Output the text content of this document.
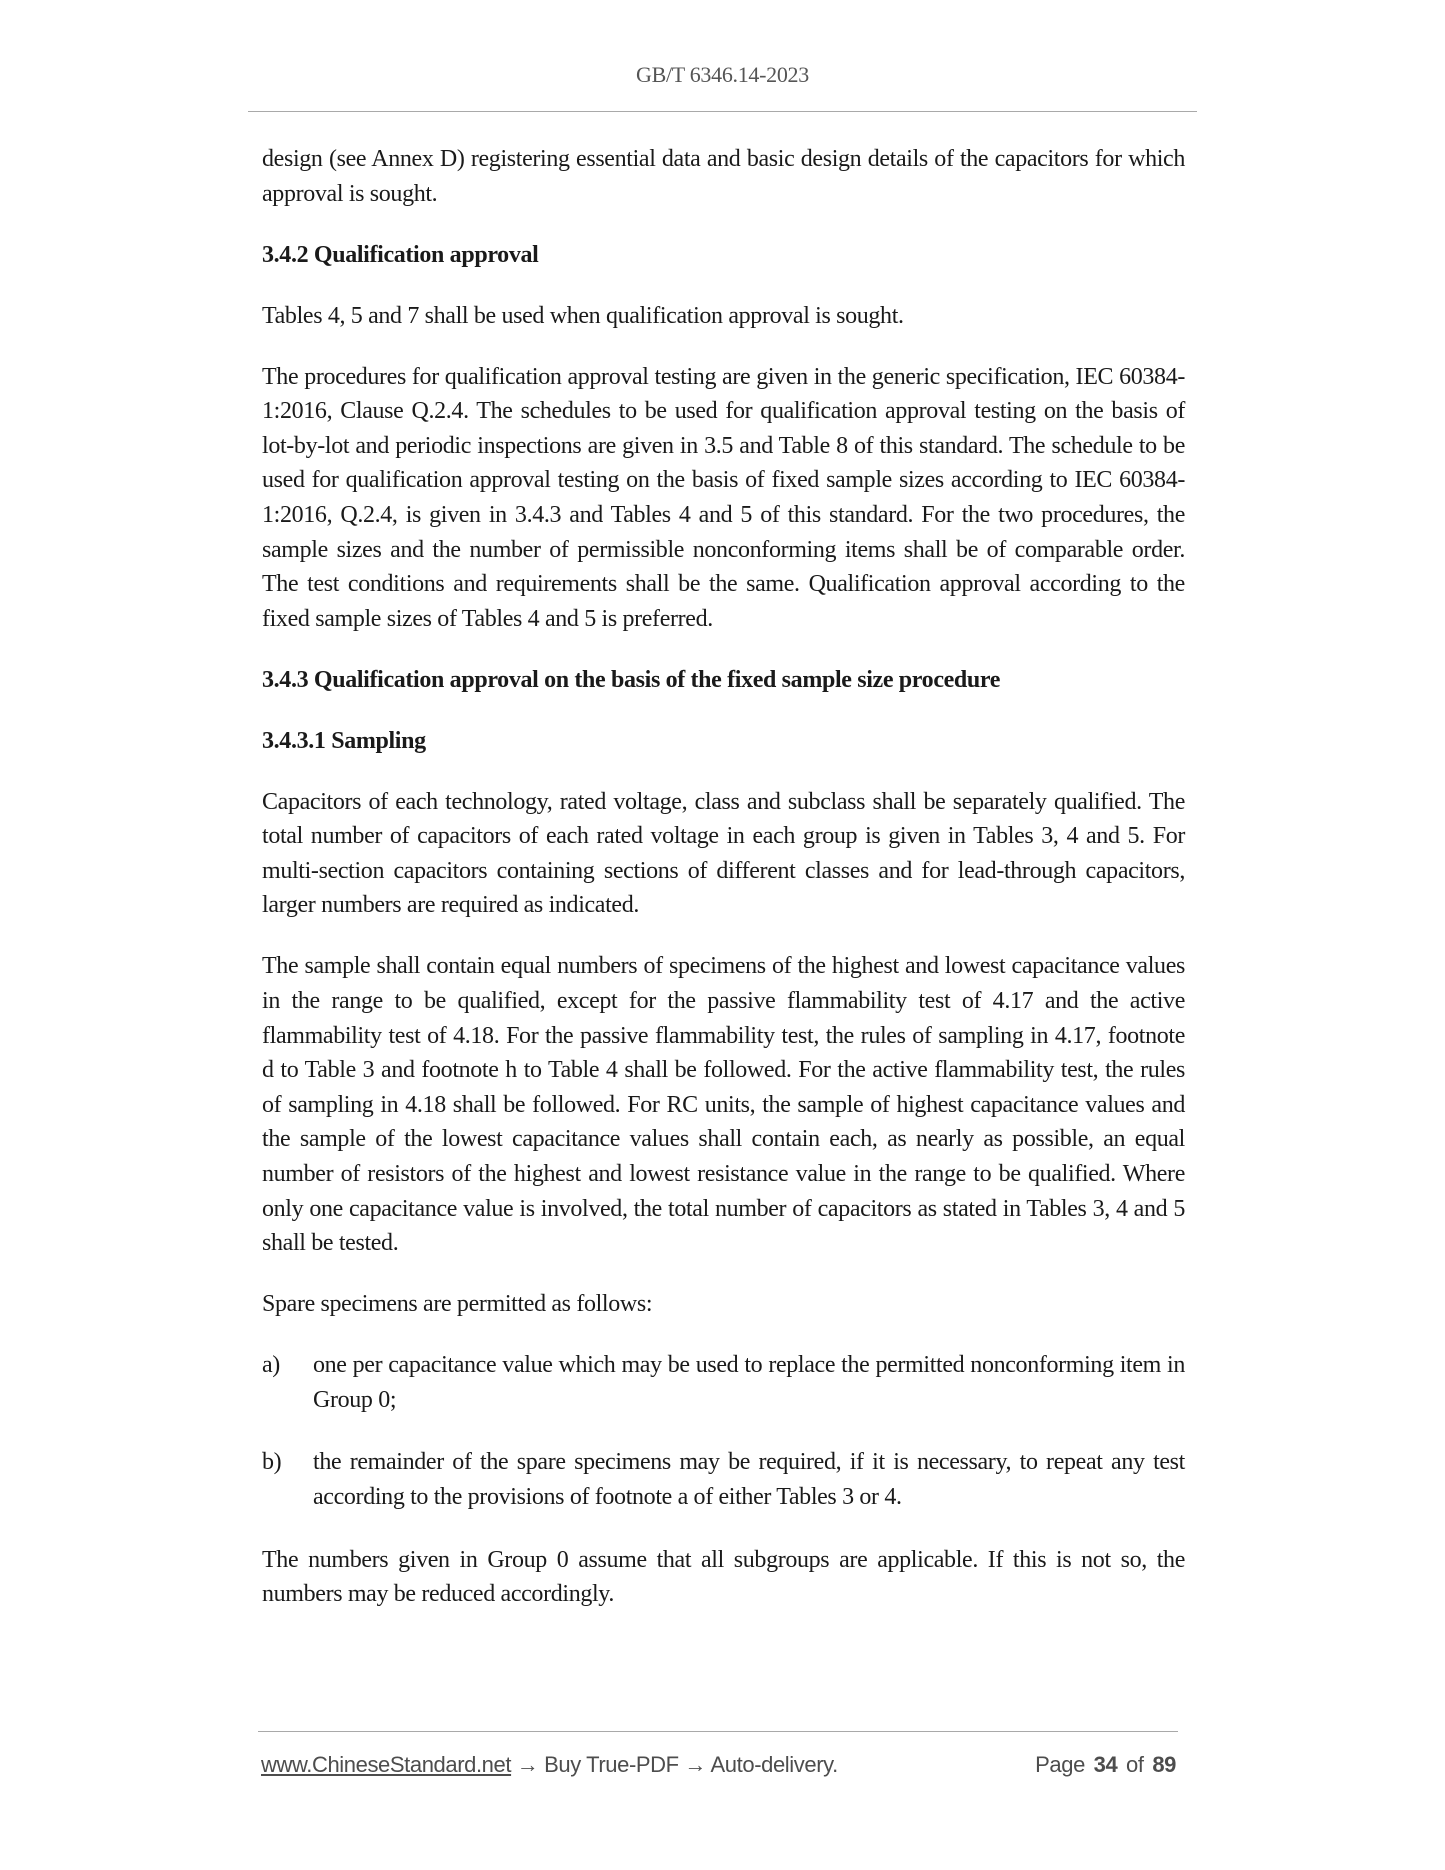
GB/T 6346.14-2023

design (see Annex D) registering essential data and basic design details of the capacitors for which approval is sought.

3.4.2 Qualification approval

Tables 4, 5 and 7 shall be used when qualification approval is sought.

The procedures for qualification approval testing are given in the generic specification, IEC 60384-1:2016, Clause Q.2.4. The schedules to be used for qualification approval testing on the basis of lot-by-lot and periodic inspections are given in 3.5 and Table 8 of this standard. The schedule to be used for qualification approval testing on the basis of fixed sample sizes according to IEC 60384-1:2016, Q.2.4, is given in 3.4.3 and Tables 4 and 5 of this standard. For the two procedures, the sample sizes and the number of permissible nonconforming items shall be of comparable order. The test conditions and requirements shall be the same. Qualification approval according to the fixed sample sizes of Tables 4 and 5 is preferred.

3.4.3 Qualification approval on the basis of the fixed sample size procedure
3.4.3.1 Sampling

Capacitors of each technology, rated voltage, class and subclass shall be separately qualified. The total number of capacitors of each rated voltage in each group is given in Tables 3, 4 and 5. For multi-section capacitors containing sections of different classes and for lead-through capacitors, larger numbers are required as indicated.

The sample shall contain equal numbers of specimens of the highest and lowest capacitance values in the range to be qualified, except for the passive flammability test of 4.17 and the active flammability test of 4.18. For the passive flammability test, the rules of sampling in 4.17, footnote d to Table 3 and footnote h to Table 4 shall be followed. For the active flammability test, the rules of sampling in 4.18 shall be followed. For RC units, the sample of highest capacitance values and the sample of the lowest capacitance values shall contain each, as nearly as possible, an equal number of resistors of the highest and lowest resistance value in the range to be qualified. Where only one capacitance value is involved, the total number of capacitors as stated in Tables 3, 4 and 5 shall be tested.

Spare specimens are permitted as follows:

a)	one per capacitance value which may be used to replace the permitted nonconforming item in Group 0;
b)	the remainder of the spare specimens may be required, if it is necessary, to repeat any test according to the provisions of footnote a of either Tables 3 or 4.

The numbers given in Group 0 assume that all subgroups are applicable. If this is not so, the numbers may be reduced accordingly.

www.ChineseStandard.net → Buy True-PDF → Auto-delivery.	Page 34 of 89
